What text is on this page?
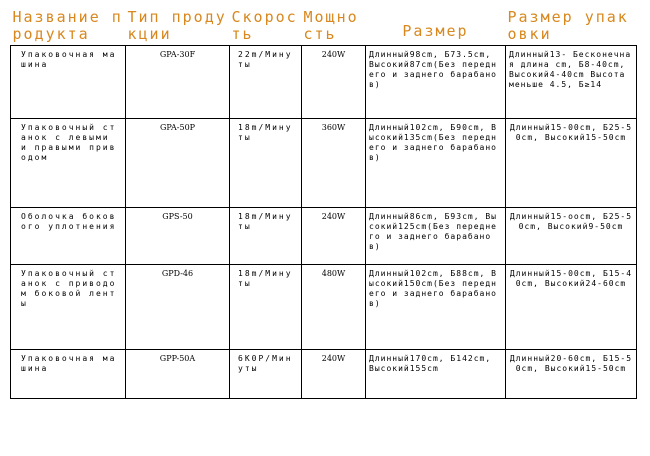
Название продукта	Тип продукции	Скорость	Мощность	Размер	Размер упаковки
Упаковочная машина	GPA-30F	22m/Минуты	240W	Длинный98cm, Б73.5cm, Высокий87cm(Без переднего и заднего барабанов)	Длинный13- Бесконечная длина cm, Б8-40cm, Высокий4-40cm Высота меньше 4.5, Б≥14
Упаковочный станок с левыми и правыми приводом	GPA-50P	18m/Минуты	360W	Длинный102cm, Б90cm, Высокий135cm(Без переднего и заднего барабанов)	Длинный15-00cm, Б25-50cm, Высокий15-50cm
Оболочка бокового уплотнения	GPS-50	18m/Минуты	240W	Длинный86cm, Б93cm, Высокий125cm(Без переднего и заднего барабанов)	Длинный15-ооcm, Б25-50cm, Высокий9-50cm
Упаковочный станок с приводом боковой ленты	GPD-46	18m/Минуты	480W	Длинный102cm, Б88cm, Высокий150cm(Без переднего и заднего барабанов)	Длинный15-00cm, Б15-40cm, Высокий24-60cm
Упаковочная машина	GPP-50A	6K0P/Минуты	240W	Длинный170cm, Б142cm, Высокий155cm	Длинный20-60cm, Б15-50cm, Высокий15-50cm
